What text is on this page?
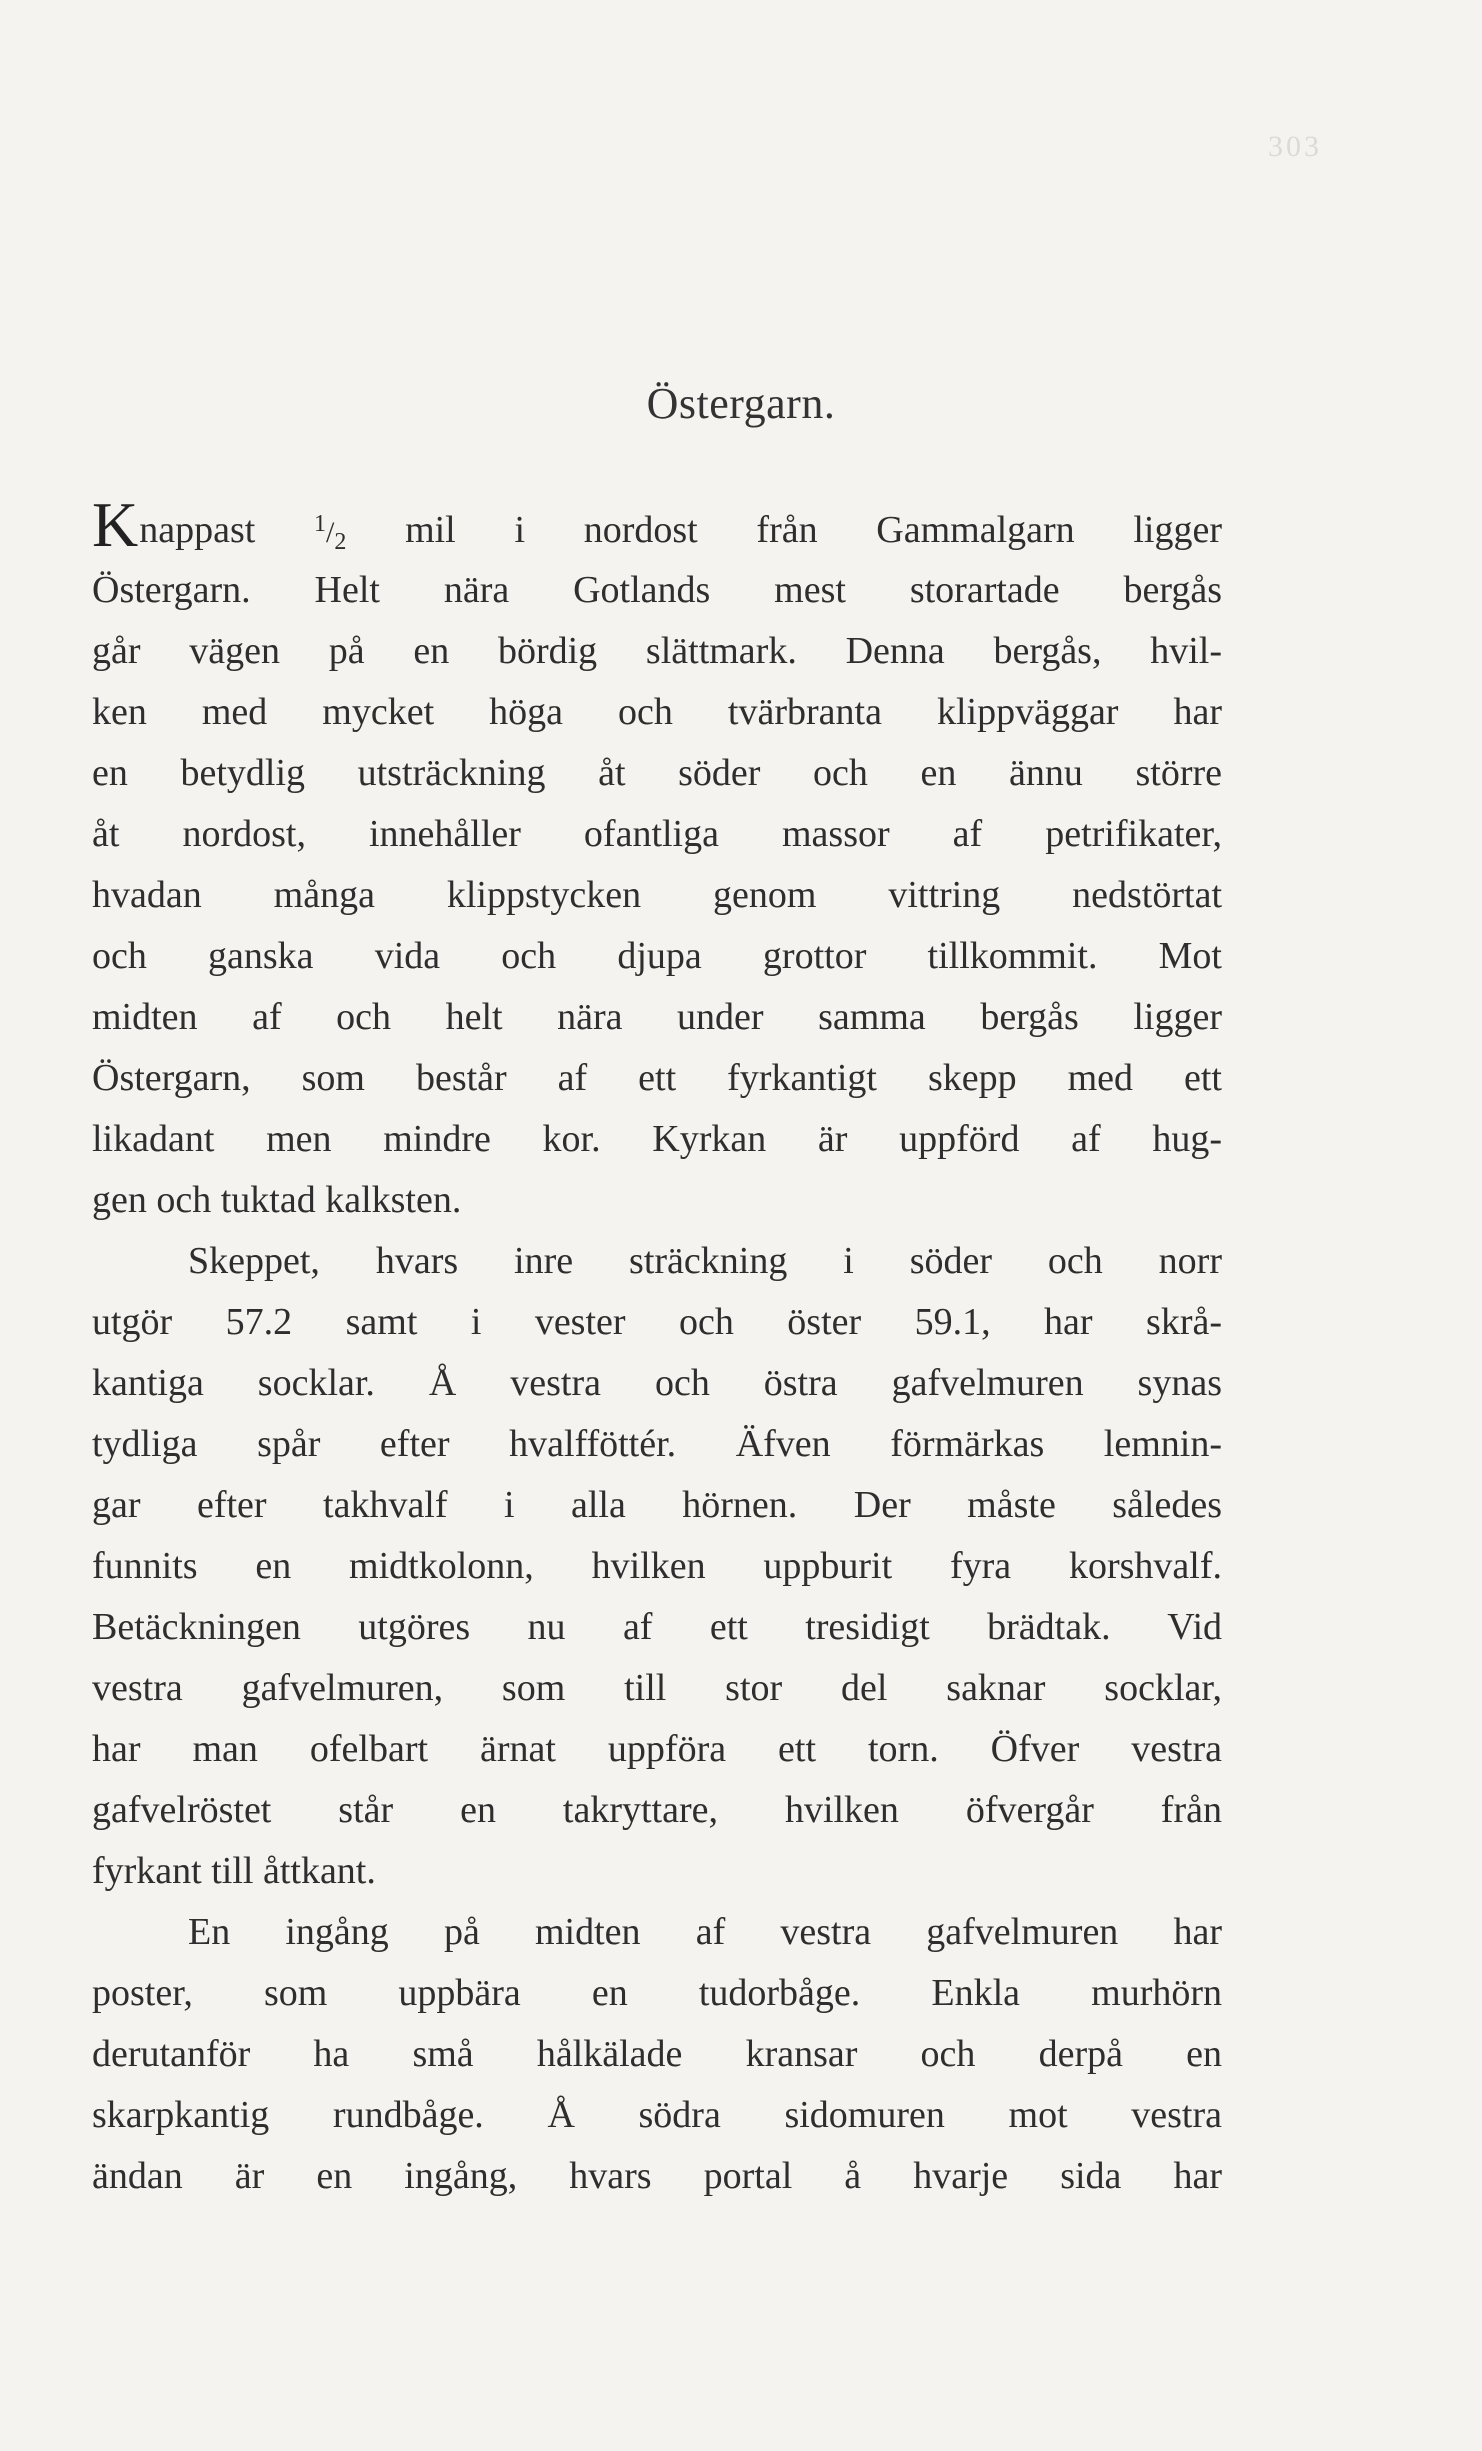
303
Östergarn.
Knappast $^1/_2$ mil i nordost från Gammalgarn ligger
Östergarn. Helt nära Gotlands mest storartade bergås
går vägen på en bördig slättmark. Denna bergås, hvil-
ken med mycket höga och tvärbranta klippväggar har
en betydlig utsträckning åt söder och en ännu större
åt nordost, innehåller ofantliga massor af petrifikater,
hvadan många klippstycken genom vittring nedstörtat
och ganska vida och djupa grottor tillkommit. Mot
midten af och helt nära under samma bergås ligger
Östergarn, som består af ett fyrkantigt skepp med ett
likadant men mindre kor. Kyrkan är uppförd af hug-
gen och tuktad kalksten.
Skeppet, hvars inre sträckning i söder och norr
utgör 57.2 samt i vester och öster 59.1, har skrå-
kantiga socklar. Å vestra och östra gafvelmuren synas
tydliga spår efter hvalfföttér. Äfven förmärkas lemnin-
gar efter takhvalf i alla hörnen. Der måste således
funnits en midtkolonn, hvilken uppburit fyra korshvalf.
Betäckningen utgöres nu af ett tresidigt brädtak. Vid
vestra gafvelmuren, som till stor del saknar socklar,
har man ofelbart ärnat uppföra ett torn. Öfver vestra
gafvelröstet står en takryttare, hvilken öfvergår från
fyrkant till åttkant.
En ingång på midten af vestra gafvelmuren har
poster, som uppbära en tudorbåge. Enkla murhörn
derutanför ha små hålkälade kransar och derpå en
skarpkantig rundbåge. Å södra sidomuren mot vestra
ändan är en ingång, hvars portal å hvarje sida har
